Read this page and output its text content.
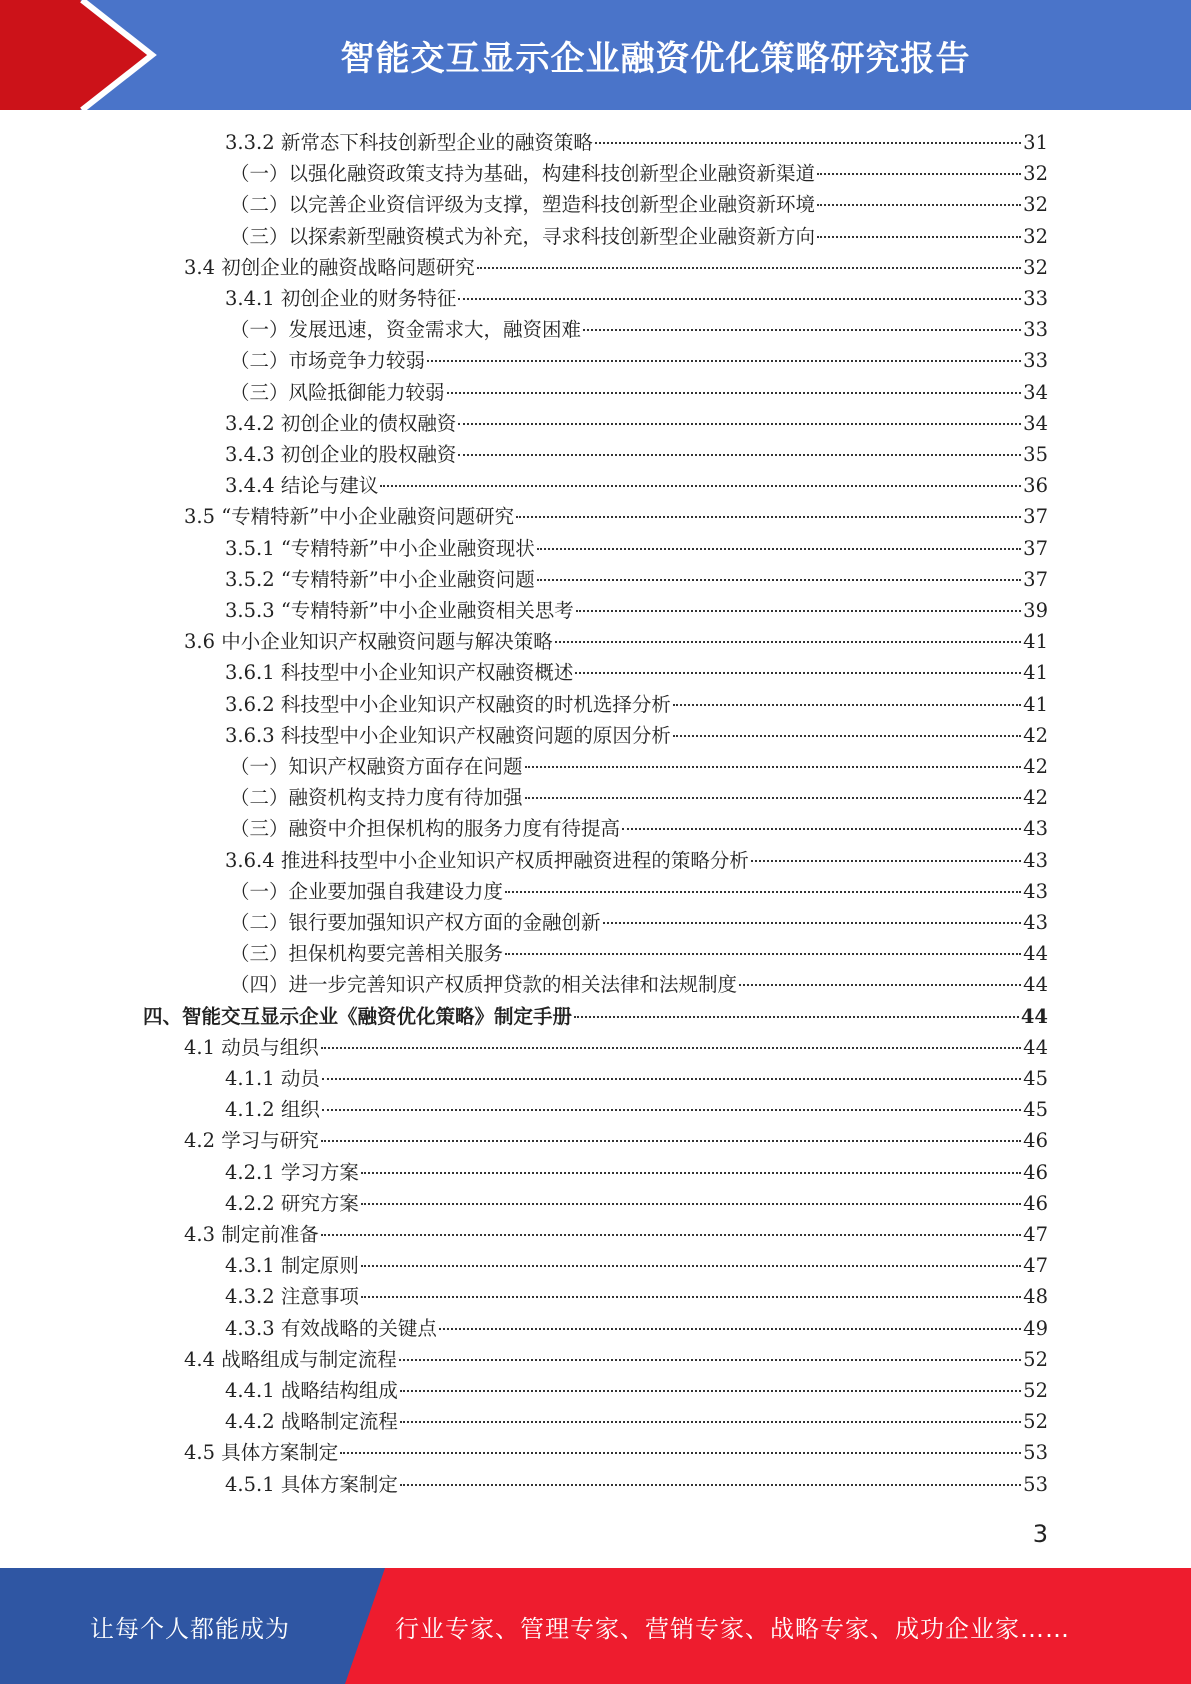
智能交互显示企业融资优化策略研究报告
3.3.2 新常态下科技创新型企业的融资策略	31
（一）以强化融资政策支持为基础，构建科技创新型企业融资新渠道	32
（二）以完善企业资信评级为支撑，塑造科技创新型企业融资新环境	32
（三）以探索新型融资模式为补充，寻求科技创新型企业融资新方向	32
3.4 初创企业的融资战略问题研究	32
3.4.1 初创企业的财务特征	33
（一）发展迅速，资金需求大，融资困难	33
（二）市场竞争力较弱	33
（三）风险抵御能力较弱	34
3.4.2 初创企业的债权融资	34
3.4.3 初创企业的股权融资	35
3.4.4 结论与建议	36
3.5 “专精特新”中小企业融资问题研究	37
3.5.1 “专精特新”中小企业融资现状	37
3.5.2 “专精特新”中小企业融资问题	37
3.5.3 “专精特新”中小企业融资相关思考	39
3.6 中小企业知识产权融资问题与解决策略	41
3.6.1 科技型中小企业知识产权融资概述	41
3.6.2 科技型中小企业知识产权融资的时机选择分析	41
3.6.3 科技型中小企业知识产权融资问题的原因分析	42
（一）知识产权融资方面存在问题	42
（二）融资机构支持力度有待加强	42
（三）融资中介担保机构的服务力度有待提高	43
3.6.4 推进科技型中小企业知识产权质押融资进程的策略分析	43
（一）企业要加强自我建设力度	43
（二）银行要加强知识产权方面的金融创新	43
（三）担保机构要完善相关服务	44
（四）进一步完善知识产权质押贷款的相关法律和法规制度	44
四、智能交互显示企业《融资优化策略》制定手册	44
4.1 动员与组织	44
4.1.1 动员	45
4.1.2 组织	45
4.2 学习与研究	46
4.2.1 学习方案	46
4.2.2 研究方案	46
4.3 制定前准备	47
4.3.1 制定原则	47
4.3.2 注意事项	48
4.3.3 有效战略的关键点	49
4.4 战略组成与制定流程	52
4.4.1 战略结构组成	52
4.4.2 战略制定流程	52
4.5 具体方案制定	53
4.5.1 具体方案制定	53
3
让每个人都能成为	行业专家、管理专家、营销专家、战略专家、成功企业家……
